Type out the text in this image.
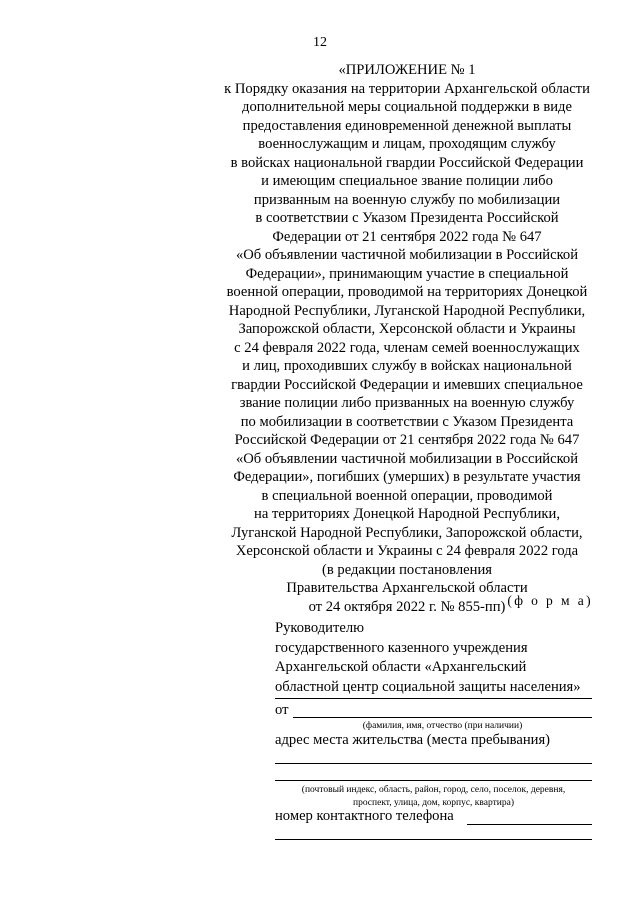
12
«ПРИЛОЖЕНИЕ № 1
к Порядку оказания на территории Архангельской области
дополнительной меры социальной поддержки в виде
предоставления единовременной денежной выплаты
военнослужащим и лицам, проходящим службу
в войсках национальной гвардии Российской Федерации
и имеющим специальное звание полиции либо
призванным на военную службу по мобилизации
в соответствии с Указом Президента Российской
Федерации от 21 сентября 2022 года № 647
«Об объявлении частичной мобилизации в Российской
Федерации», принимающим участие в специальной
военной операции, проводимой на территориях Донецкой
Народной Республики, Луганской Народной Республики,
Запорожской области, Херсонской области и Украины
с 24 февраля 2022 года, членам семей военнослужащих
и лиц, проходивших службу в войсках национальной
гвардии Российской Федерации и имевших специальное
звание полиции либо призванных на военную службу
по мобилизации в соответствии с Указом Президента
Российской Федерации от 21 сентября 2022 года № 647
«Об объявлении частичной мобилизации в Российской
Федерации», погибших (умерших) в результате участия
в специальной военной операции, проводимой
на территориях Донецкой Народной Республики,
Луганской Народной Республики, Запорожской области,
Херсонской области и Украины с 24 февраля 2022 года
(в редакции постановления
Правительства Архангельской области
от 24 октября 2022 г. № 855-пп) (ф о р м а)
Руководителю
государственного казенного учреждения
Архангельской области «Архангельский
областной центр социальной защиты населения»
от
(фамилия, имя, отчество (при наличии)
адрес места жительства (места пребывания)
(почтовый индекс, область, район, город, село, поселок, деревня,
проспект, улица, дом, корпус, квартира)
номер контактного телефона
